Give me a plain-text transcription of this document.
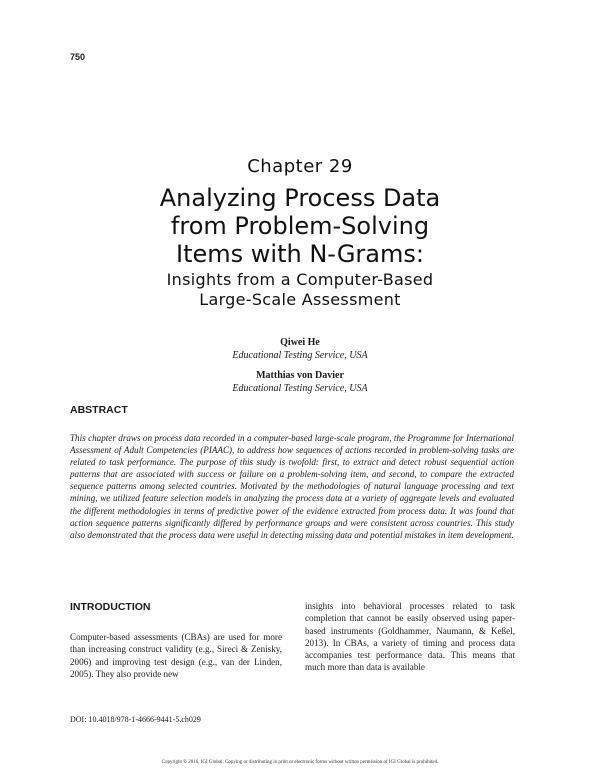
750
Chapter 29
Analyzing Process Data
from Problem-Solving
Items with N-Grams:
Insights from a Computer-Based
Large-Scale Assessment
Qiwei He
Educational Testing Service, USA
Matthias von Davier
Educational Testing Service, USA
ABSTRACT
This chapter draws on process data recorded in a computer-based large-scale program, the Programme for International Assessment of Adult Competencies (PIAAC), to address how sequences of actions recorded in problem-solving tasks are related to task performance. The purpose of this study is twofold: first, to extract and detect robust sequential action patterns that are associated with success or failure on a problem-solving item, and second, to compare the extracted sequence patterns among selected countries. Motivated by the methodologies of natural language processing and text mining, we utilized feature selection models in analyzing the process data at a variety of aggregate levels and evaluated the different methodologies in terms of predictive power of the evidence extracted from process data. It was found that action sequence patterns significantly differed by performance groups and were consistent across countries. This study also demonstrated that the process data were useful in detecting missing data and potential mistakes in item development.
INTRODUCTION
Computer-based assessments (CBAs) are used for more than increasing construct validity (e.g., Sireci & Zenisky, 2006) and improving test design (e.g., van der Linden, 2005). They also provide new
insights into behavioral processes related to task completion that cannot be easily observed using paper-based instruments (Goldhammer, Naumann, & Keßel, 2013). In CBAs, a variety of timing and process data accompanies test performance data. This means that much more than data is available
DOI: 10.4018/978-1-4666-9441-5.ch029
Copyright © 2016, IGI Global. Copying or distributing in print or electronic forms without written permission of IGI Global is prohibited.
